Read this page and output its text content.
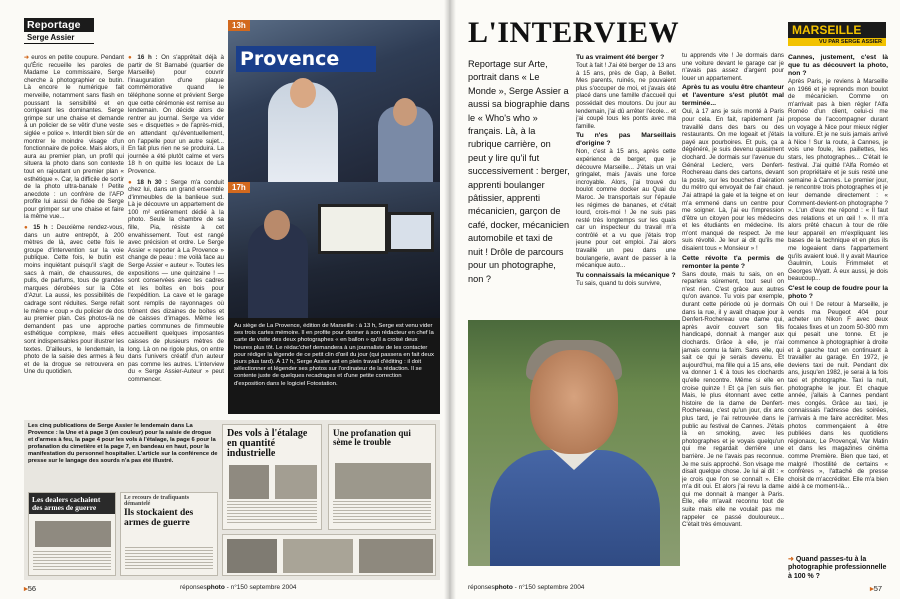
Reportage
Serge Assier

➜ euros en petite coupure. Pendant qu'Éric recueille les paroles de Madame Le commissaire, Serge cherche à photographier ce butin. Là encore le numérique fait merveille, notamment sans flash en poussant la sensibilité et en corrigeant les dominantes. Serge grimpe sur une chaise et demande à un policier de se vêtir d'une veste siglée « police ». Interdit bien sûr de montrer le moindre visage d'un fonctionnaire de police. Mais alors, il aura au premier plan, un profil qui situera la photo dans son contexte tout en rajoutant un premier plan « esthétique ». Car, la difficile de sortir de la photo ultra-banale ! Petite anecdote : un confrère de l'AFP profite lui aussi de l'idée de Serge pour grimper sur une chaise et faire la même vue...

● 15 h : Deuxième rendez-vous, dans un autre entrepôt, à 200 mètres de là, avec cette fois le groupe d'intervention sur la voie publique. Cette fois, le butin est moins inquiétant puisqu'il s'agit de sacs à main, de chaussures, de pulls, de parfums, tous de grandes marques dérobées sur la Côte d'Azur. La aussi, les possibilités de cadrage sont réduites. Serge refait le même « coup » du policier de dos au premier plan. Ces photos-là ne demandent pas une approche esthétique complexe, mais elles sont indispensables pour illustrer les textes. D'ailleurs, le lendemain, la photo de la saisie des armes à feu et de la drogue se retrouvera en Une du quotidien.

● 16 h : On s'apprêtait déjà à partir de St Barnabé (quartier de Marseille) pour couvrir l'inauguration d'une plaque commémorative quand le téléphone sonne et prévient Serge que cette cérémonie est remise au lendemain. On décide alors de rentrer au journal. Serge va vider ses « disquettes » de l'après-midi, en attendant qu'éventuellement, on l'appelle pour un autre sujet... En fait plus rien ne se produira. La journée a été plutôt calme et vers 18 h on quitte les locaux de La Provence.

● 18 h 30 : Serge m'a conduit chez lui, dans un grand ensemble d'immeubles de la banlieue sud. Là je découvre un appartement de 100 m² entièrement dédié à la photo. Seule la chambre de sa fille, Pia, résiste à cet envahissement. Tout est rangé avec précision et ordre. Le Serge Assier « reporter à La Provence » change de peau : me voilà face au Serge Assier « auteur ». Toutes les expositions — une quinzaine ! — sont conservées avec les cadres et les boîtes en bois pour l'expédition. La cave et le garage sont remplis de rayonnages où trônent des dizaines de boîtes et de caisses d'images. Même les parties communes de l'immeuble accueillent quelques imposantes caisses de plusieurs mètres de long. Là on ne rigole plus, on entre dans l'univers créatif d'un auteur pas comme les autres. L'interview du « Serge Assier-Auteur » peut commencer.

Provence
13h
17h
Au siège de La Provence, édition de Marseille : à 13 h, Serge est venu vider ses trois cartes mémoire. Il en profite pour donner à son rédacteur en chef la carte de visite des deux photographes « en ballon » qu'il a croisé deux heures plus tôt. Le rédac'chef demandera à un journaliste de les contacter pour rédiger la légende de ce petit clin d'œil du jour (qui passera en fait deux jours plus tard). À 17 h, Serge Assier est en plein travail d'éditing : il doit sélectionner et légender ses photos sur l'ordinateur de la rédaction. Il se contente juste de quelques recadrages et d'une petite correction d'exposition dans le logiciel Fotostation.
Les cinq publications de Serge Assier le lendemain dans La Provence : la Une et à page 3 (en couleur) pour la saisie de drogue et d'armes à feu, la page 4 pour les vols à l'étalage, la page 6 pour la profanation du cimetière et la page 7, en bandeau en haut, pour la manifestation du personnel hospitalier. L'article sur la conférence de presse sur le langage des sourds n'a pas été illustré.
Des vols à l'étalage en quantité industrielle
Une profanation qui sème le trouble
Les dealers cachaient des armes de guerre
Le recours de trafiquants démantelé
Ils stockaient des armes de guerre
▸56	réponsesphoto - n°150 septembre 2004
L'INTERVIEW	MARSEILLE
VU PAR SERGE ASSIER
Reportage sur Arte, portrait dans « Le Monde », Serge Assier a aussi sa biographie dans le « Who's who » français. Là, à la rubrique carrière, on peut y lire qu'il fut successivement : berger, apprenti boulanger pâtissier, apprenti mécanicien, garçon de café, docker, mécanicien automobile et taxi de nuit ! Drôle de parcours pour un photographe, non ?
Tu as vraiment été berger ?

Tout à fait ! J'ai été berger de 13 ans à 15 ans, près de Gap, à Bellet. Mes parents, ruinés, ne pouvaient plus s'occuper de moi, et j'avais été placé dans une famille d'accueil qui possédait des moutons. Du jour au lendemain, j'ai dû arrêter l'école... et j'ai coupé tous les ponts avec ma famille.

Tu n'es pas Marseillais d'origine ?

Non, c'est à 15 ans, après cette expérience de berger, que je découvre Marseille... J'étais un vrai gringalet, mais j'avais une force incroyable. Alors, j'ai trouvé du boulot comme docker au Quai du Maroc. Je transportais sur l'épaule les régimes de bananes, et c'était lourd, crois-moi ! Je ne suis pas resté très longtemps sur les quais car un inspecteur du travail m'a contrôlé et a vu que j'étais trop jeune pour cet emploi. J'ai alors travaillé un peu dans une boulangerie, avant de passer à la mécanique auto...

Tu connaissais la mécanique ?

Tu sais, quand tu dois survivre,

tu apprends vite ! Je dormais dans une voiture devant le garage car je n'avais pas assez d'argent pour louer un appartement.

Après tu as voulu être chanteur et l'aventure s'est plutôt mal terminée...

Oui, à 17 ans je suis monté à Paris pour cela. En fait, rapidement j'ai travaillé dans des bars ou des restaurants. On me logeait et j'étais payé aux pourboires. Et puis, ça a dégénéré, je suis devenu quasiment clochard. Je dormais sur l'avenue du Général Leclerc, vers Denfert-Rochereau dans des cartons, devant la poste, sur les bouches d'aération du métro qui envoyait de l'air chaud. J'ai attrapé la gale et la teigne et on m'a emmené dans un centre pour me soigner. Là, j'ai eu l'impression d'être un citoyen pour les médecins et les étudiants en médecine. Ils m'ont manqué de respect. Je me suis révolté. Je leur ai dit qu'ils me disaient tous « Monsieur » !

Cette révolte t'a permis de remonter la pente ?

Sans doute, mais tu sais, on en reparlera sûrement, tout seul on n'est rien. C'est grâce aux autres qu'on avance. Tu vois par exemple, durant cette période où je dormais dans la rue, il y avait chaque jour à Denfert-Rochereau une dame qui, après avoir couvert son fils handicapé, donnait à manger aux clochards. Grâce à elle, je n'ai jamais connu la faim. Sans elle, qui sait ce qui je serais devenu. Et aujourd'hui, ma fille qui a 15 ans, elle va donner 1 € à tous les clochards qu'elle rencontre. Même si elle en croise quinze ! Et ça j'en suis fier. Mais, le plus étonnant avec cette histoire de la dame de Denfert-Rochereau, c'est qu'un jour, dix ans plus tard, je l'ai retrouvée dans le public au festival de Cannes. J'étais là en smoking, avec les photographes et je voyais quelqu'un qui me regardait derrière une barrière. Je ne l'avais pas reconnue. Je me suis approché. Son visage me disait quelque chose. Je lui ai dit : « je crois que l'on se connaît ». Elle m'a dit oui. Et alors j'ai revu la dame qui me donnait à manger à Paris. Elle, elle m'avait reconnu tout de suite mais elle ne voulait pas me rappeler ce passé douloureux... C'était très émouvant.

Cannes, justement, c'est là que tu as découvert la photo, non ?

Après Paris, je reviens à Marseille en 1966 et je reprends mon boulot de mécanicien. Comme on m'arrivait pas à bien régler l'Alfa Roméo d'un client, celui-ci me propose de l'accompagner durant un voyage à Nice pour mieux régler la voiture. Et je ne suis jamais arrivé à Nice ! Sur la route, à Cannes, je vois une foule, les paillettes, les stars, les photographes... C'était le festival. J'ai quitté l'Alfa Roméo et son propriétaire et je suis resté une semaine à Cannes. Le premier jour, je rencontre trois photographes et je leur demande directement : « Comment-devient-on photographe ? ». L'un d'eux me répond : « Il faut des relations et un œil ! ». Il m'a alors prêté chacun à tour de rôle leur appareil en m'expliquant les bases de la technique et en plus ils me logeaient dans l'appartement qu'ils avaient loué. Il y avait Maurice Gaulmin, Louis Frimmelet et Georges Wyatt. À eux aussi, je dois beaucoup...

C'est le coup de foudre pour la photo ?

Oh oui ! De retour à Marseille, je vends ma Peugeot 404 pour acheter un Nikon F avec deux focales fixes et un zoom 50-300 mm qui pesait une tonne. Et je commence à photographier à droite et à gauche tout en continuant à travailler au garage. En 1972, je deviens taxi de nuit. Pendant dix ans, jusqu'en 1982, je serai à la fois taxi et photographe. Taxi la nuit, photographe le jour. Et chaque année, j'allais à Cannes pendant mes congés. Grâce au taxi, je connaissais l'adresse des soirées, j'arrivais à me faire accréditer. Mes photos commençaient à être publiées dans les quotidiens régionaux, Le Provençal, Var Matin et dans les magazines cinéma comme Première. Bien que taxi, et malgré l'hostilité de certains « confrères », l'attaché de presse choisit de m'accréditer. Elle m'a bien aidé à ce moment-là...

➜ Quand passes-tu à la photographie professionnelle à 100 % ?
réponsesphoto - n°150 septembre 2004	▸57
